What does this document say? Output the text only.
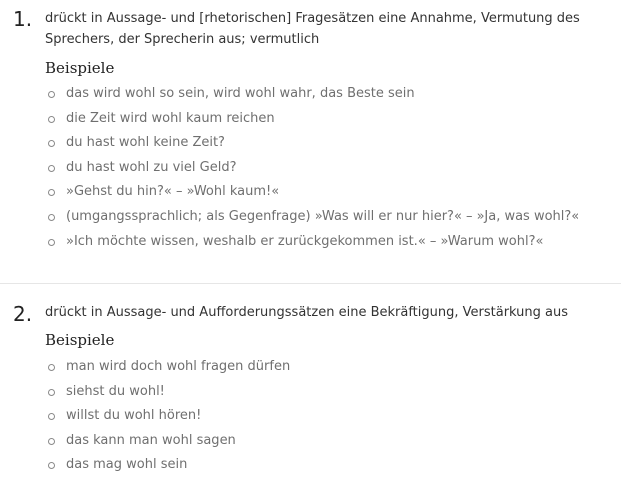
1. drückt in Aussage- und [rhetorischen] Fragesätzen eine Annahme, Vermutung des Sprechers, der Sprecherin aus; vermutlich
Beispiele
das wird wohl so sein, wird wohl wahr, das Beste sein
die Zeit wird wohl kaum reichen
du hast wohl keine Zeit?
du hast wohl zu viel Geld?
»Gehst du hin?« – »Wohl kaum!«
(umgangssprachlich; als Gegenfrage) »Was will er nur hier?« – »Ja, was wohl?«
»Ich möchte wissen, weshalb er zurückgekommen ist.« – »Warum wohl?«
2. drückt in Aussage- und Aufforderungssätzen eine Bekräftigung, Verstärkung aus
Beispiele
man wird doch wohl fragen dürfen
siehst du wohl!
willst du wohl hören!
das kann man wohl sagen
das mag wohl sein
